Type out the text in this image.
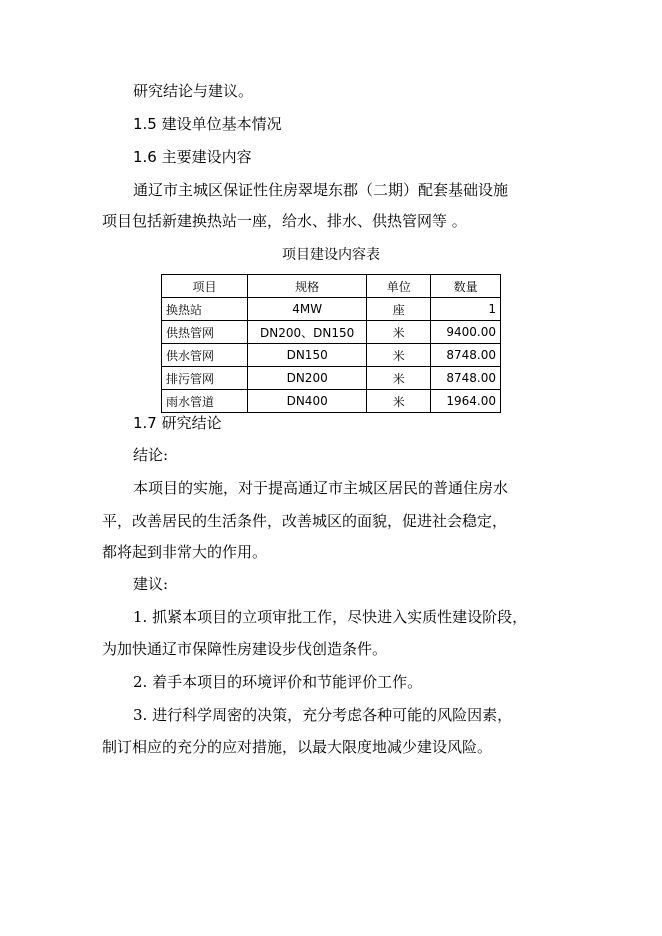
研究结论与建议。
1.5 建设单位基本情况
1.6 主要建设内容
通辽市主城区保证性住房翠堤东郡（二期）配套基础设施
项目包括新建换热站一座，给水、排水、供热管网等 。
项目建设内容表
项目	规格	单位	数量
换热站	4MW	座	1
供热管网	DN200、DN150	米	9400.00
供水管网	DN150	米	8748.00
排污管网	DN200	米	8748.00
雨水管道	DN400	米	1964.00
1.7 研究结论
结论:
本项目的实施，对于提高通辽市主城区居民的普通住房水
平，改善居民的生活条件，改善城区的面貌，促进社会稳定，
都将起到非常大的作用。
建议:
1. 抓紧本项目的立项审批工作，尽快进入实质性建设阶段，
为加快通辽市保障性房建设步伐创造条件。
2. 着手本项目的环境评价和节能评价工作。
3. 进行科学周密的决策，充分考虑各种可能的风险因素，
制订相应的充分的应对措施，以最大限度地减少建设风险。
